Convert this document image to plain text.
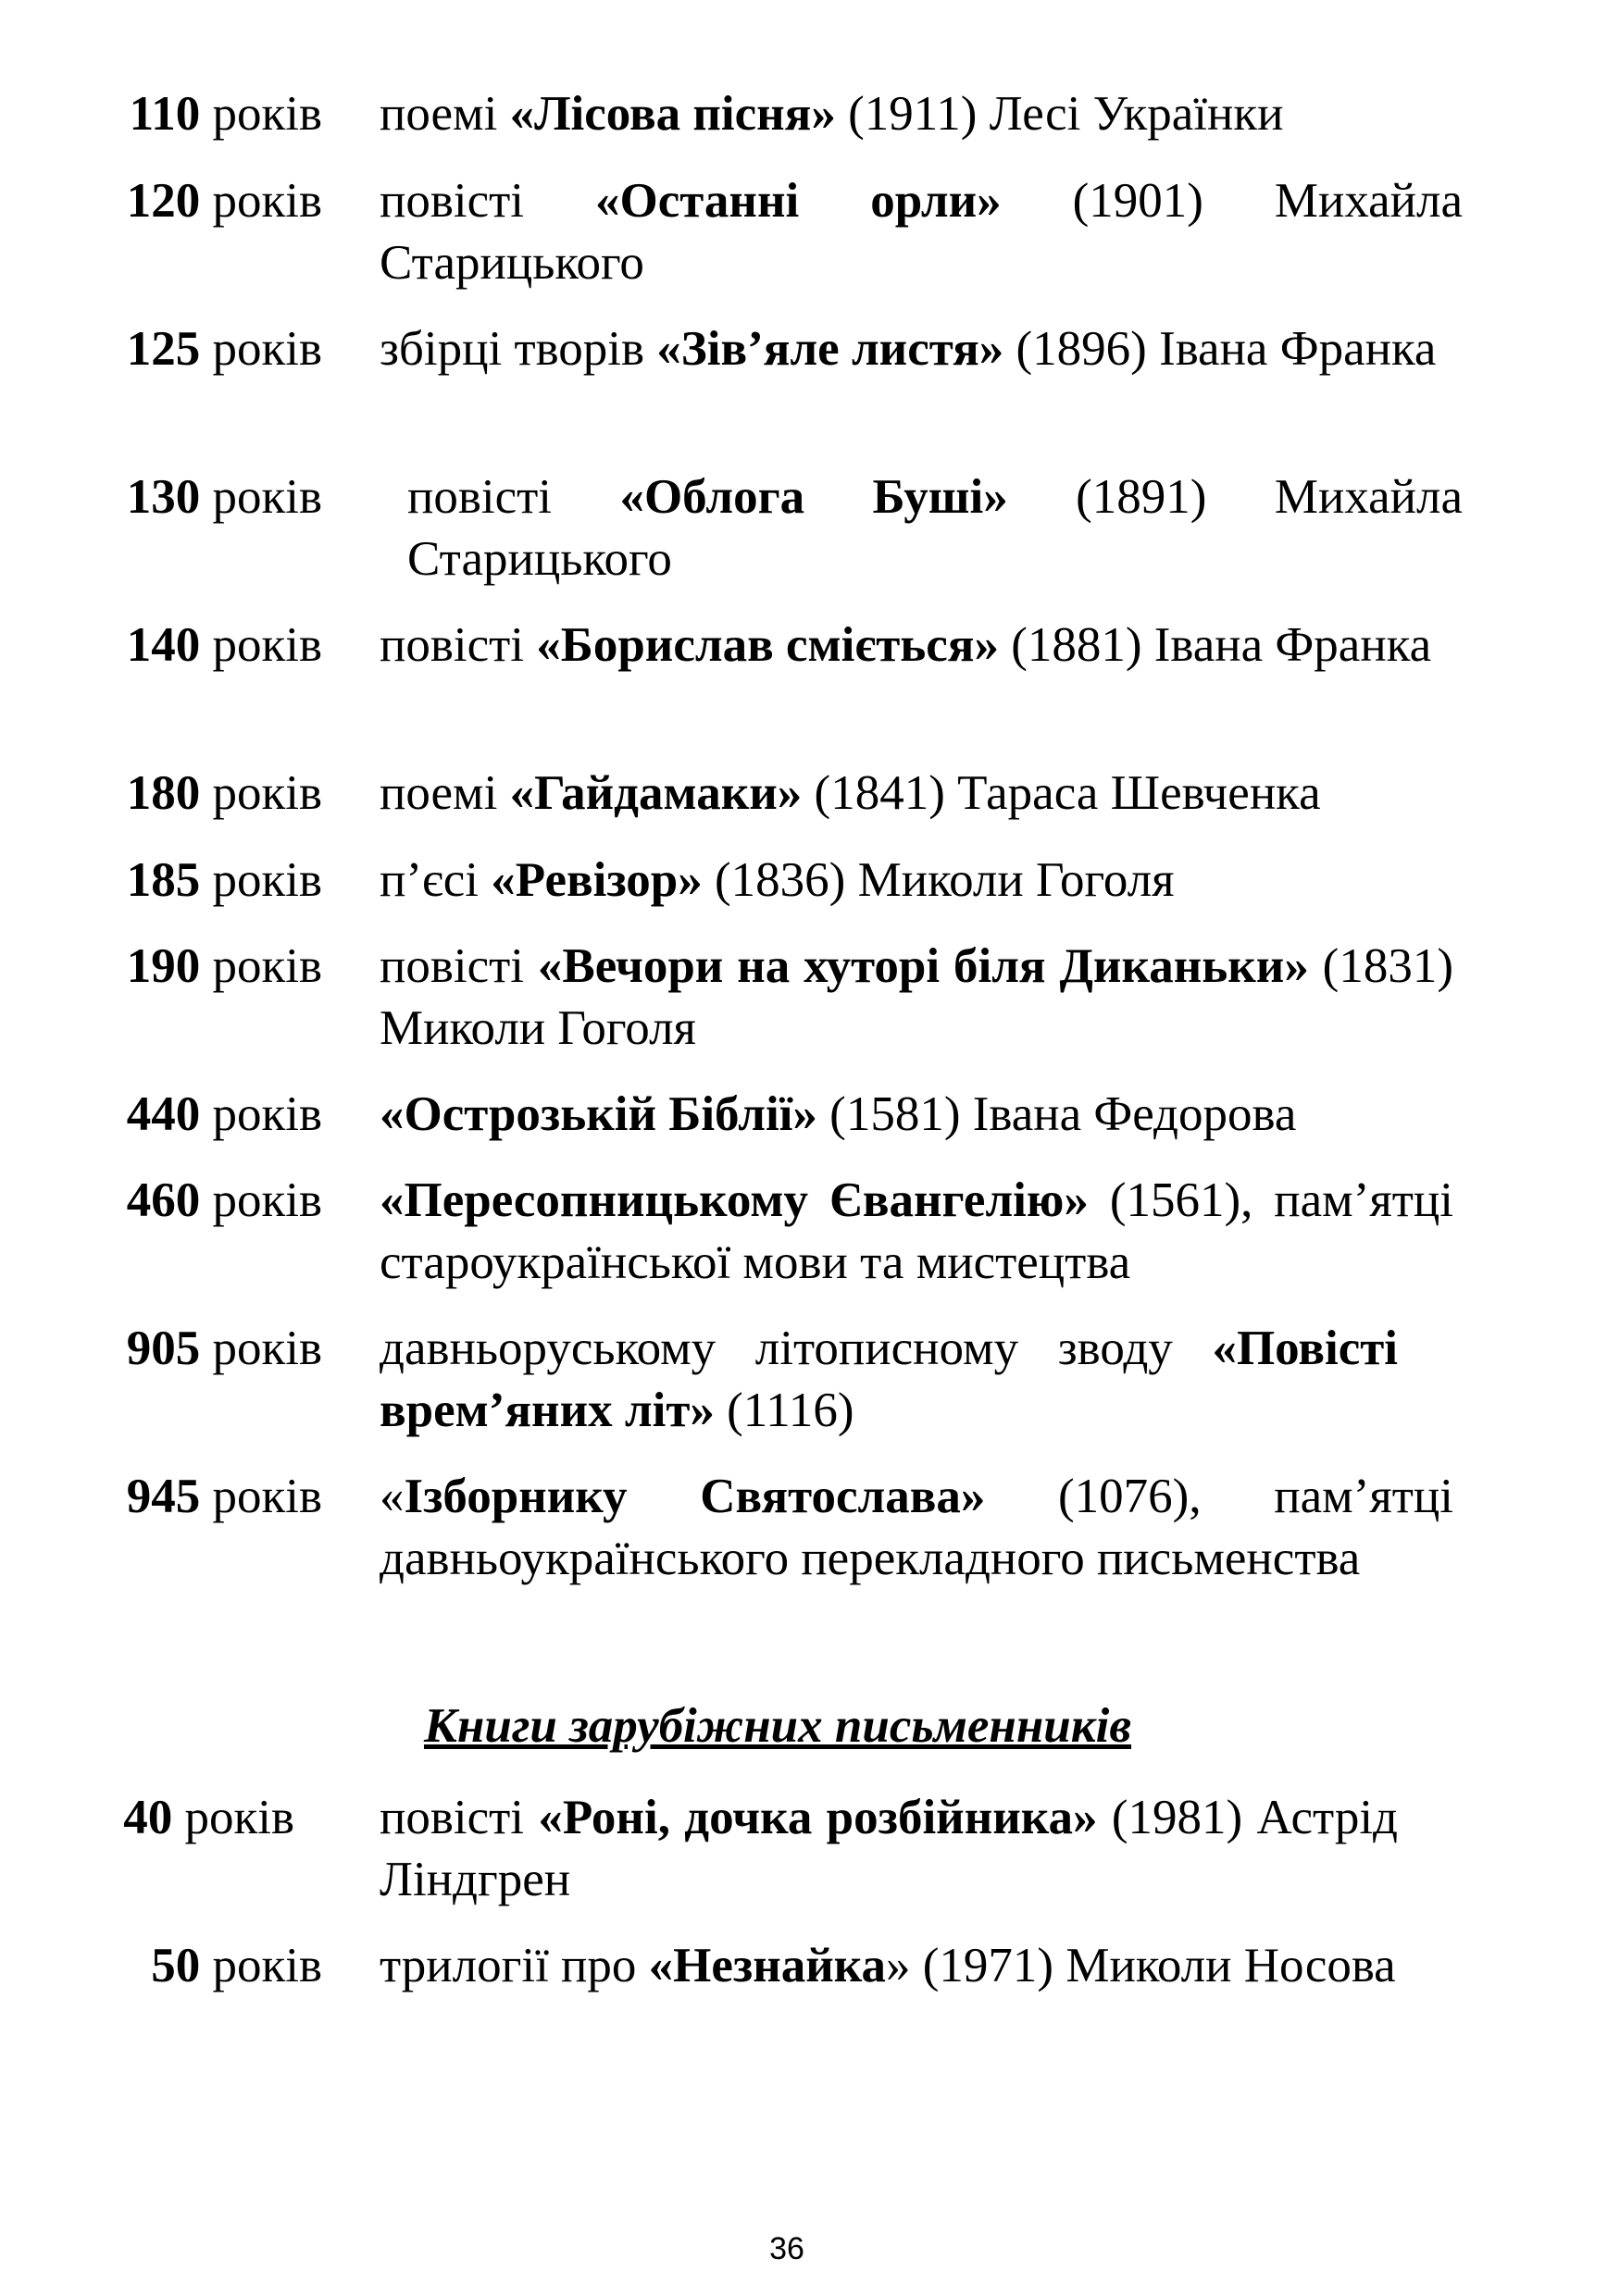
110 років поемі «Лісова пісня» (1911) Лесі Українки
120 років повісті «Останні орли» (1901) Михайла Старицького
125 років збірці творів «Зів’яле листя» (1896) Івана Франка
130 років повісті «Облога Буші» (1891) Михайла Старицького
140 років повісті «Борислав сміється» (1881) Івана Франка
180 років поемі «Гайдамаки» (1841) Тараса Шевченка
185 років п’єсі «Ревізор» (1836) Миколи Гоголя
190 років повісті «Вечори на хуторі біля Диканьки» (1831) Миколи Гоголя
440 років «Острозькій Біблії» (1581) Івана Федорова
460 років «Пересопницькому Євангелію» (1561), пам’ятці староукраїнської мови та мистецтва
905 років давньоруському літописному зводу «Повісті врем’яних літ» (1116)
945 років «Ізборнику Святослава» (1076), пам’ятці давньоукраїнського перекладного письменства
Книги зарубіжних письменників
40 років повісті «Роні, дочка розбійника» (1981) Астрід Ліндгрен
50 років трилогії про «Незнайка» (1971) Миколи Носова
36
